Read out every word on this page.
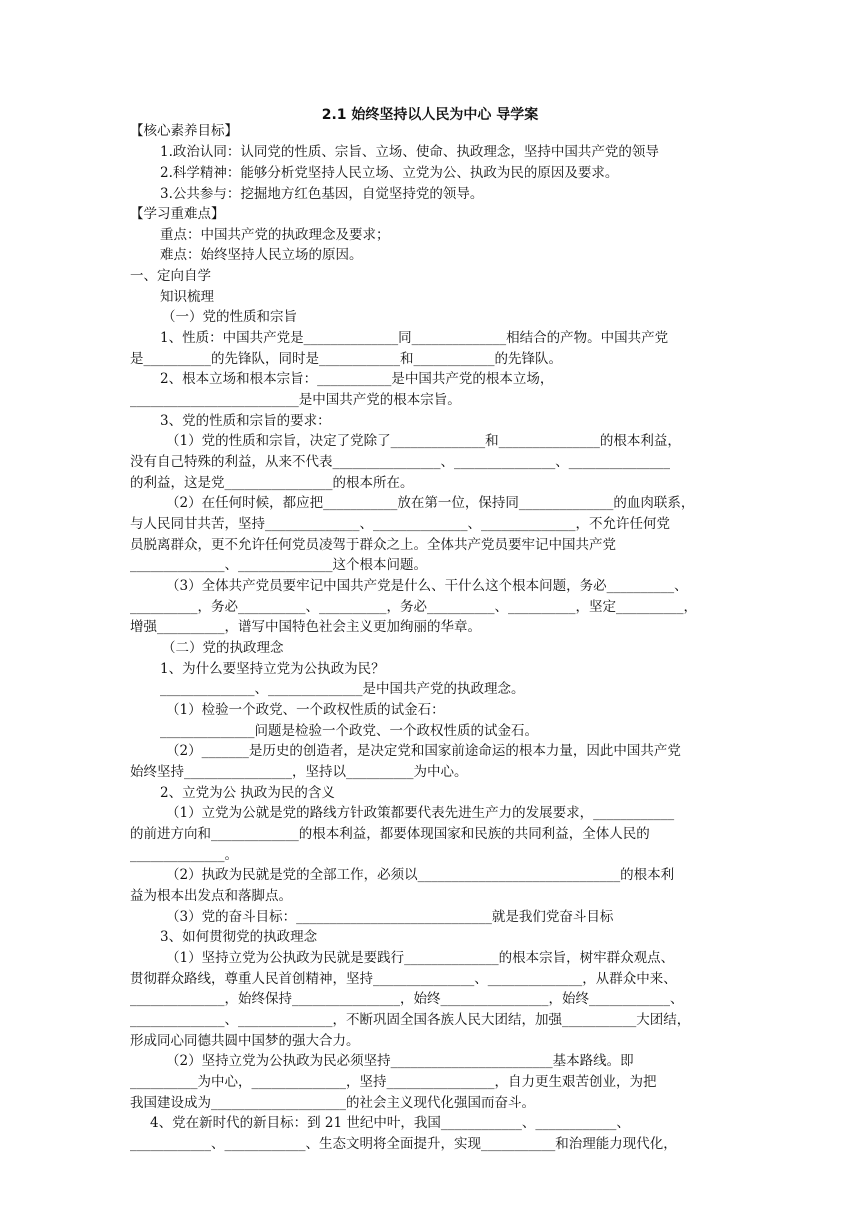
2.1 始终坚持以人民为中心 导学案
【核心素养目标】
1.政治认同：认同党的性质、宗旨、立场、使命、执政理念，坚持中国共产党的领导
2.科学精神：能够分析党坚持人民立场、立党为公、执政为民的原因及要求。
3.公共参与：挖掘地方红色基因，自觉坚持党的领导。
【学习重难点】
重点：中国共产党的执政理念及要求；
难点：始终坚持人民立场的原因。
一、定向自学
知识梳理
（一）党的性质和宗旨
1、性质：中国共产党是______________同______________相结合的产物。中国共产党
是__________的先锋队，同时是____________和____________的先锋队。
2、根本立场和根本宗旨：___________是中国共产党的根本立场，
_________________________是中国共产党的根本宗旨。
3、党的性质和宗旨的要求：
（1）党的性质和宗旨，决定了党除了______________和_______________的根本利益，
没有自己特殊的利益，从来不代表________________、_______________、_______________
的利益，这是党________________的根本所在。
（2）在任何时候，都应把___________放在第一位，保持同______________的血肉联系，
与人民同甘共苦，坚持______________、______________、______________，不允许任何党
员脱离群众，更不允许任何党员凌驾于群众之上。全体共产党员要牢记中国共产党
______________、______________这个根本问题。
（3）全体共产党员要牢记中国共产党是什么、干什么这个根本问题，务必__________、
__________，务必__________、__________，务必__________、__________，坚定__________，
增强__________，谱写中国特色社会主义更加绚丽的华章。
（二）党的执政理念
1、为什么要坚持立党为公执政为民？
______________、______________是中国共产党的执政理念。
（1）检验一个政党、一个政权性质的试金石：
______________问题是检验一个政党、一个政权性质的试金石。
（2）_______是历史的创造者，是决定党和国家前途命运的根本力量，因此中国共产党
始终坚持________________，坚持以__________为中心。
2、立党为公 执政为民的含义
（1）立党为公就是党的路线方针政策都要代表先进生产力的发展要求，____________
的前进方向和_____________的根本利益，都要体现国家和民族的共同利益，全体人民的
______________。
（2）执政为民就是党的全部工作，必须以______________________________的根本利
益为根本出发点和落脚点。
（3）党的奋斗目标：_____________________________就是我们党奋斗目标
3、如何贯彻党的执政理念
（1）坚持立党为公执政为民就是要践行______________的根本宗旨，树牢群众观点、
贯彻群众路线，尊重人民首创精神，坚持_______________、______________，从群众中来、
______________，始终保持________________，始终________________，始终____________、
______________、______________，不断巩固全国各族人民大团结，加强___________大团结，
形成同心同德共圆中国梦的强大合力。
（2）坚持立党为公执政为民必须坚持________________________基本路线。即
__________为中心，______________，坚持________________，自力更生艰苦创业，为把
我国建设成为____________________的社会主义现代化强国而奋斗。
4、党在新时代的新目标：到 21 世纪中叶，我国____________、____________、
____________、____________、生态文明将全面提升，实现___________和治理能力现代化，
